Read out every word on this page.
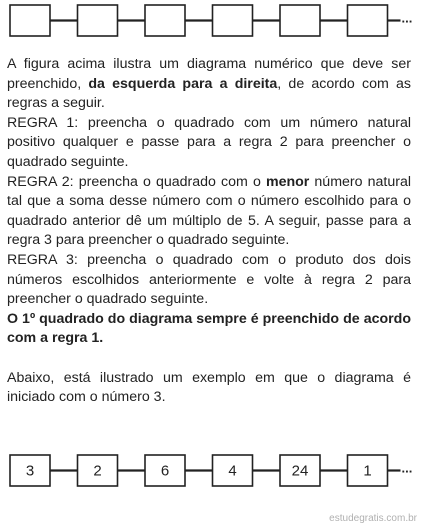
...

A figura acima ilustra um diagrama numérico que deve ser preenchido, da esquerda para a direita, de acordo com as regras a seguir.

REGRA 1: preencha o quadrado com um número natural positivo qualquer e passe para a regra 2 para preencher o quadrado seguinte.

REGRA 2: preencha o quadrado com o menor número natural tal que a soma desse número com o número escolhido para o quadrado anterior dê um múltiplo de 5. A seguir, passe para a regra 3 para preencher o quadrado seguinte.

REGRA 3: preencha o quadrado com o produto dos dois números escolhidos anteriormente e volte à regra 2 para preencher o quadrado seguinte.

O 1º quadrado do diagrama sempre é preenchido de acordo com a regra 1.

Abaixo, está ilustrado um exemplo em que o diagrama é iniciado com o número 3.

3	2	6	4	24	1 ...
estudegratis.com.br
